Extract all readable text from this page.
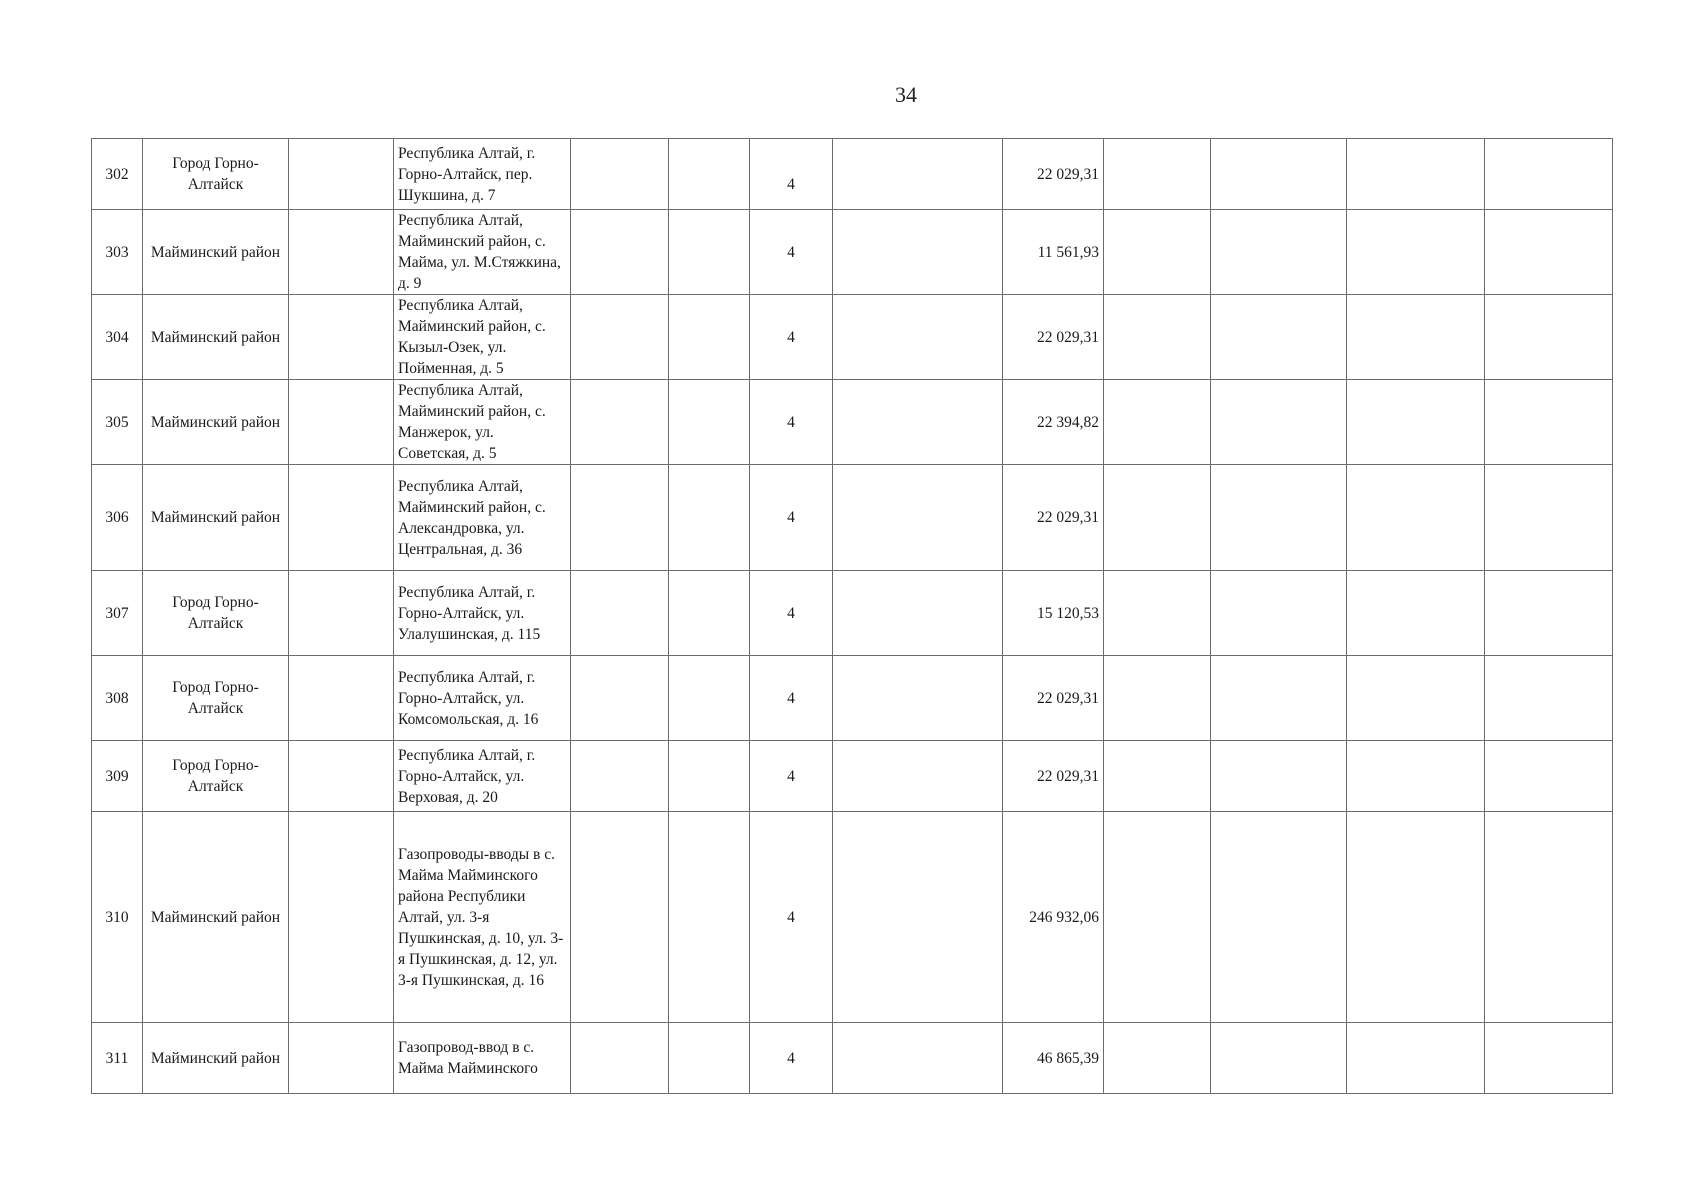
34
302	Город Горно-Алтайск		Республика Алтай, г. Горно-Алтайск, пер. Шукшина, д. 7			4		22 029,31				
303	Майминский район		Республика Алтай, Майминский район, с. Майма, ул. М.Стяжкина, д. 9			4		11 561,93				
304	Майминский район		Республика Алтай, Майминский район, с. Кызыл-Озек, ул. Пойменная, д. 5			4		22 029,31				
305	Майминский район		Республика Алтай, Майминский район, с. Манжерок, ул. Советская, д. 5			4		22 394,82				
306	Майминский район		Республика Алтай, Майминский район, с. Александровка, ул. Центральная, д. 36			4		22 029,31				
307	Город Горно-Алтайск		Республика Алтай, г. Горно-Алтайск, ул. Улалушинская, д. 115			4		15 120,53				
308	Город Горно-Алтайск		Республика Алтай, г. Горно-Алтайск, ул. Комсомольская, д. 16			4		22 029,31				
309	Город Горно-Алтайск		Республика Алтай, г. Горно-Алтайск, ул. Верховая, д. 20			4		22 029,31				
310	Майминский район		Газопроводы-вводы в с. Майма Майминского района Республики Алтай, ул. 3-я Пушкинская, д. 10, ул. 3-я Пушкинская, д. 12, ул. 3-я Пушкинская, д. 16			4		246 932,06				
311	Майминский район		Газопровод-ввод в с. Майма Майминского			4		46 865,39				
